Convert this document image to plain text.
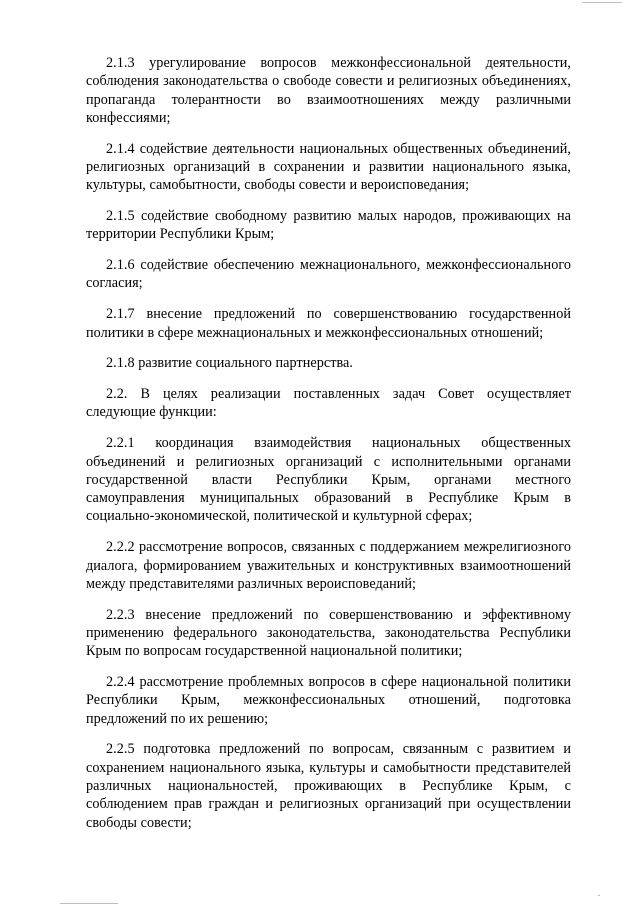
2.1.3 урегулирование вопросов межконфессиональной деятельности, соблюдения законодательства о свободе совести и религиозных объединениях, пропаганда толерантности во взаимоотношениях между различными конфессиями;

2.1.4 содействие деятельности национальных общественных объединений, религиозных организаций в сохранении и развитии национального языка, культуры, самобытности, свободы совести и вероисповедания;

2.1.5 содействие свободному развитию малых народов, проживающих на территории Республики Крым;

2.1.6 содействие обеспечению межнационального, межконфессионального согласия;

2.1.7 внесение предложений по совершенствованию государственной политики в сфере межнациональных и межконфессиональных отношений;

2.1.8 развитие социального партнерства.

2.2. В целях реализации поставленных задач Совет осуществляет следующие функции:

2.2.1 координация взаимодействия национальных общественных объединений и религиозных организаций с исполнительными органами государственной власти Республики Крым, органами местного самоуправления муниципальных образований в Республике Крым в социально-экономической, политической и культурной сферах;

2.2.2 рассмотрение вопросов, связанных с поддержанием межрелигиозного диалога, формированием уважительных и конструктивных взаимоотношений между представителями различных вероисповеданий;

2.2.3 внесение предложений по совершенствованию и эффективному применению федерального законодательства, законодательства Республики Крым по вопросам государственной национальной политики;

2.2.4 рассмотрение проблемных вопросов в сфере национальной политики Республики Крым, межконфессиональных отношений, подготовка предложений по их решению;

2.2.5 подготовка предложений по вопросам, связанным с развитием и сохранением национального языка, культуры и самобытности представителей различных национальностей, проживающих в Республике Крым, с соблюдением прав граждан и религиозных организаций при осуществлении свободы совести;
